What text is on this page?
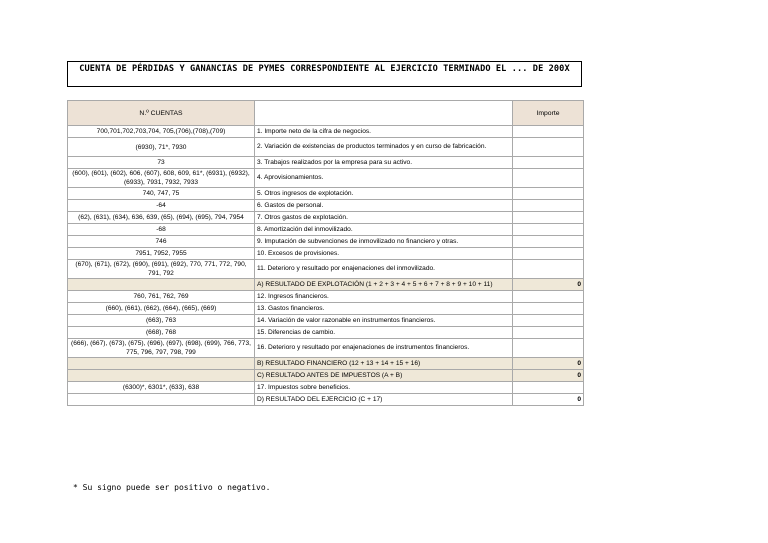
CUENTA DE PÉRDIDAS Y GANANCIAS DE PYMES CORRESPONDIENTE AL EJERCICIO TERMINADO EL ... DE 200X
N.º CUENTAS		Importe
700,701,702,703,704, 705,(706),(708),(709)	1. Importe neto de la cifra de negocios.	
(6930), 71*, 7930	2. Variación de existencias de productos terminados y en curso de fabricación.	
73	3. Trabajos realizados por la empresa para su activo.	
(600), (601), (602), 606, (607), 608, 609, 61*, (6931), (6932), (6933), 7931, 7932, 7933	4. Aprovisionamientos.	
740, 747, 75	5. Otros ingresos de explotación.	
-64	6. Gastos de personal.	
(62), (631), (634), 636, 639, (65), (694), (695), 794, 7954	7. Otros gastos de explotación.	
-68	8. Amortización del inmovilizado.	
746	9. Imputación de subvenciones de inmovilizado no financiero y otras.	
7951, 7952, 7955	10. Excesos de provisiones.	
(670), (671), (672), (690), (691), (692), 770, 771, 772, 790, 791, 792	11. Deterioro y resultado por enajenaciones del inmovilizado.	
	A) RESULTADO DE EXPLOTACIÓN (1 + 2 + 3 + 4 + 5 + 6 + 7 + 8 + 9 + 10 + 11)	0
760, 761, 762, 769	12. Ingresos financieros.	
(660), (661), (662), (664), (665), (669)	13. Gastos financieros.	
(663), 763	14. Variación de valor razonable en instrumentos financieros.	
(668), 768	15. Diferencias de cambio.	
(666), (667), (673), (675), (696), (697), (698), (699), 766, 773, 775, 796, 797, 798, 799	16. Deterioro y resultado por enajenaciones de instrumentos financieros.	
	B) RESULTADO FINANCIERO (12 + 13 + 14 + 15 + 16)	0
	C) RESULTADO ANTES DE IMPUESTOS (A + B)	0
(6300)*, 6301*, (633), 638	17. Impuestos sobre beneficios.	
	D) RESULTADO DEL EJERCICIO (C + 17)	0
* Su signo puede ser positivo o negativo.
